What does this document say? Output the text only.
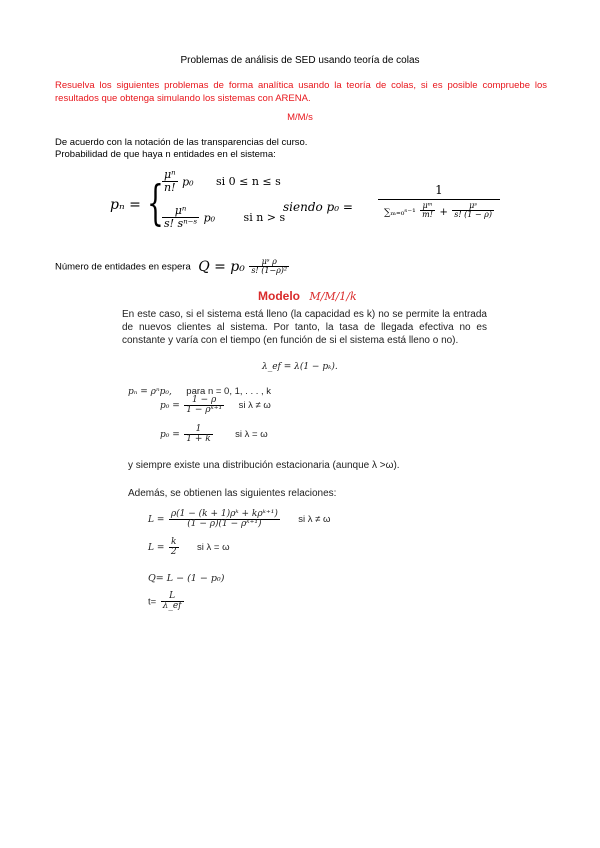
Problemas de análisis de SED usando teoría de colas
Resuelva los siguientes problemas de forma analítica usando la teoría de colas, si es posible compruebe los resultados que obtenga simulando los sistemas con ARENA.
M/M/s
De acuerdo con la notación de las transparencias del curso.
Probabilidad de que haya n entidades en el sistema:
pₙ = {
$\frac{\text{μⁿ}}{n!} p_0$ si 0 ≤ n ≤ s
$\frac{\text{μⁿ}}{\text{s! sⁿ⁻ˢ}} p_0$	si n > s
siendo p₀ =
1
∑ₘ₌₀ˢ⁻¹ $\frac{\text{μᵐ}}{m!} + \frac{\text{μˢ}}{s! (1 - \rho)}$
Número de entidades en espera $Q = p_0 \frac{\text{μˢ ρ}}{\text{s! (1−ρ)²}}$
Modelo M/M/1/k
En este caso, si el sistema está lleno (la capacidad es k) no se permite la entrada de nuevos clientes al sistema. Por tanto, la tasa de llegada efectiva no es constante y varía con el tiempo (en función de si el sistema está lleno o no).
λ_ef = λ(1 − pₖ).
pₙ = ρⁿp₀, para n = 0, 1, . . . , k
$p_0 = \frac{1 - \rho}{\text{1 − ρᵏ⁺¹}}$ si λ ≠ ω
$p_0 = \frac{1}{1 + k}$ si λ = ω
y siempre existe una distribución estacionaria (aunque λ >ω).
Además, se obtienen las siguientes relaciones:
$L = \frac{\text{ρ(1 − (k + 1)ρᵏ + kρᵏ⁺¹)}}{\text{(1 − ρ)(1 − ρᵏ⁺¹)}}$ si λ ≠ ω
$L = \frac{k}{2}$ si λ = ω
Q= L − (1 − p₀)
$t= \frac{L}{\lambda\_ef}$
